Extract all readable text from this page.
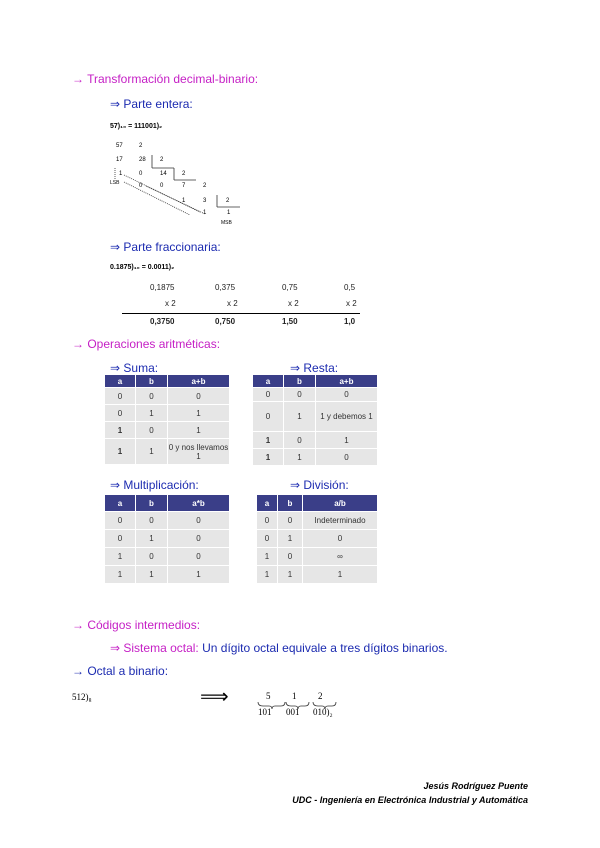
→ Transformación decimal-binario:
⇒ Parte entera:
57)₁₀ = 111001)₂
57	2
17	28 2
1	0	14	2
LSB	0	0	7	2
1	3	2
1	1
MSB
⇒ Parte fraccionaria:
0.1875)₁₀ = 0.0011)₂
0,1875	0,375	0,75	0,5
x 2	x 2	x 2	x 2
0,3750	0,750	1,50	1,0
→ Operaciones aritméticas:
⇒ Suma:
a	b	a+b
0	0	0
0	1	1
1	0	1
1	1	0 y nos llevamos 1
⇒ Resta:
a	b	a+b
0	0	0
0	1	1 y debemos 1
1	0	1
1	1	0
⇒ Multiplicación:
a	b	a*b
0	0	0
0	1	0
1	0	0
1	1	1
⇒ División:
a	b	a/b
0	0	Indeterminado
0	1	0
1	0	∞
1	1	1
→ Códigos intermedios:
⇒ Sistema octal: Un dígito octal equivale a tres dígitos binarios.
→ Octal a binario:
512)₈	⟹	5 1 2
101 001 010)₂
Jesús Rodríguez Puente
UDC - Ingeniería en Electrónica Industrial y Automática
